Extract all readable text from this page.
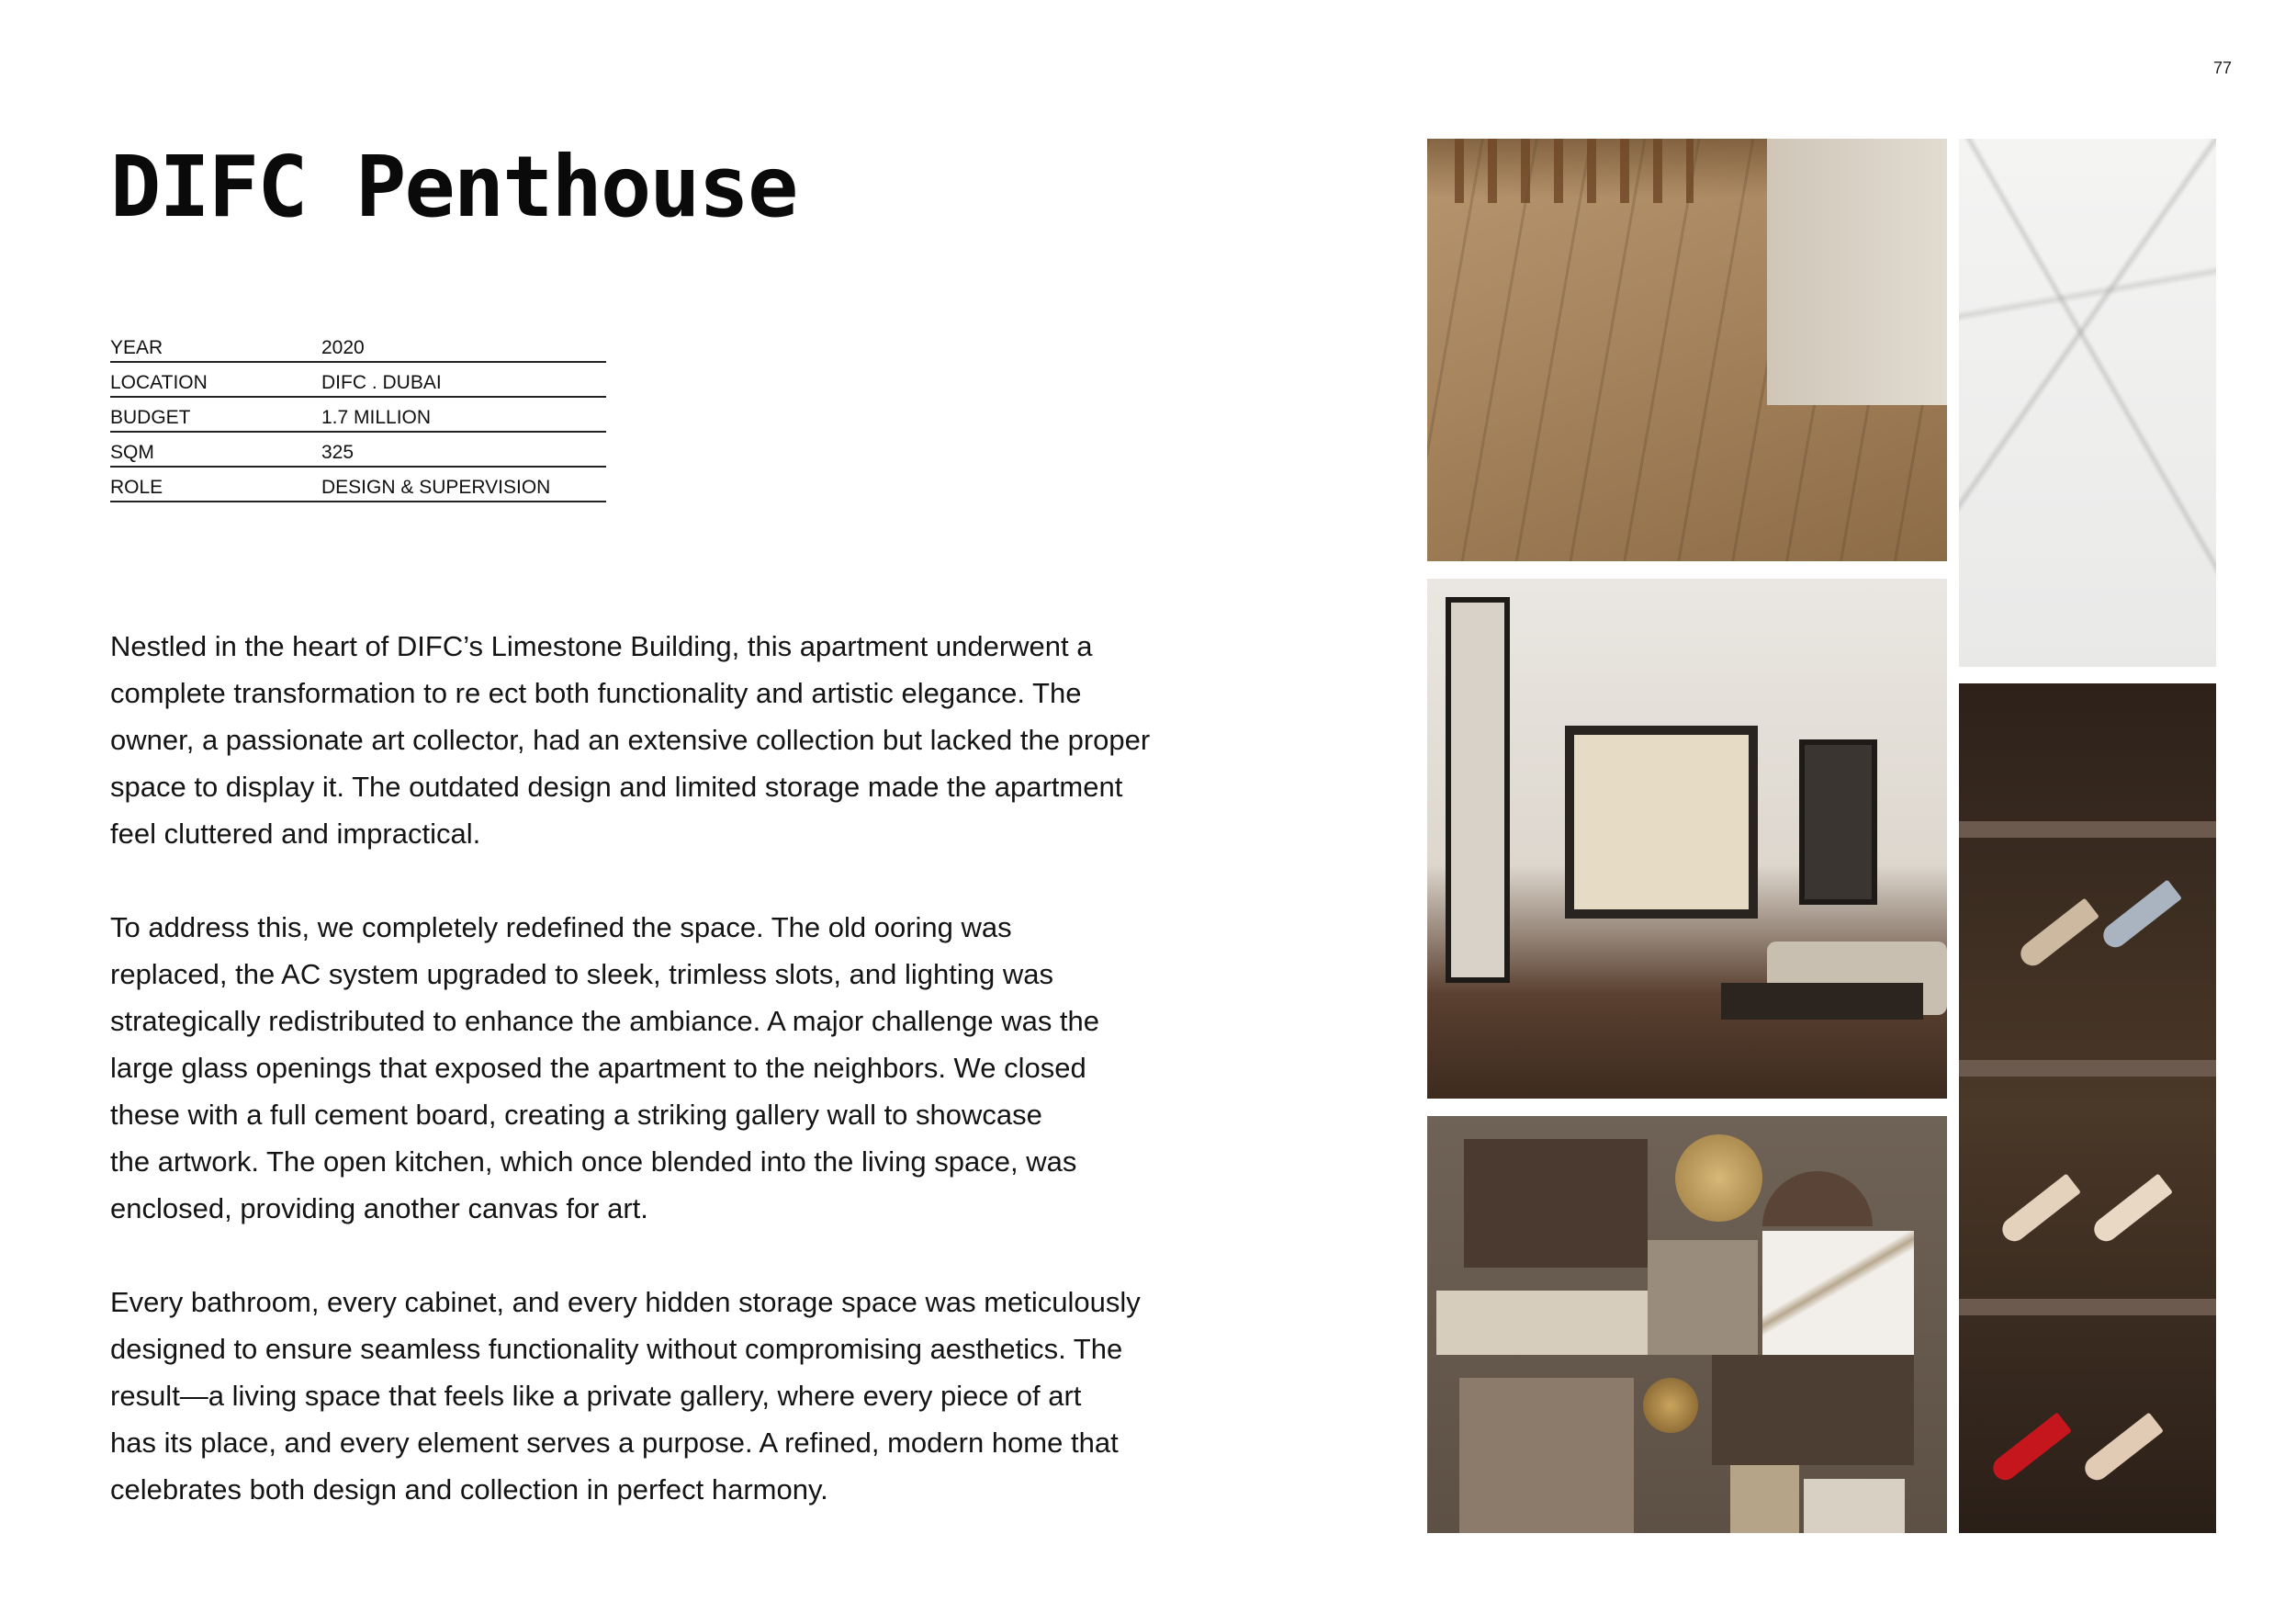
77
DIFC Penthouse
YEAR	2020
LOCATION	DIFC . DUBAI
BUDGET	1.7 MILLION
SQM	325
ROLE	DESIGN & SUPERVISION

Nestled in the heart of DIFC’s Limestone Building, this apartment underwent a
complete transformation to re ect both functionality and artistic elegance. The
owner, a passionate art collector, had an extensive collection but lacked the proper
space to display it. The outdated design and limited storage made the apartment
feel cluttered and impractical.

To address this, we completely redefined the space. The old ooring was
replaced, the AC system upgraded to sleek, trimless slots, and lighting was
strategically redistributed to enhance the ambiance. A major challenge was the
large glass openings that exposed the apartment to the neighbors. We closed
these with a full cement board, creating a striking gallery wall to showcase
the artwork. The open kitchen, which once blended into the living space, was
enclosed, providing another canvas for art.

Every bathroom, every cabinet, and every hidden storage space was meticulously
designed to ensure seamless functionality without compromising aesthetics. The
result—a living space that feels like a private gallery, where every piece of art
has its place, and every element serves a purpose. A refined, modern home that
celebrates both design and collection in perfect harmony.
